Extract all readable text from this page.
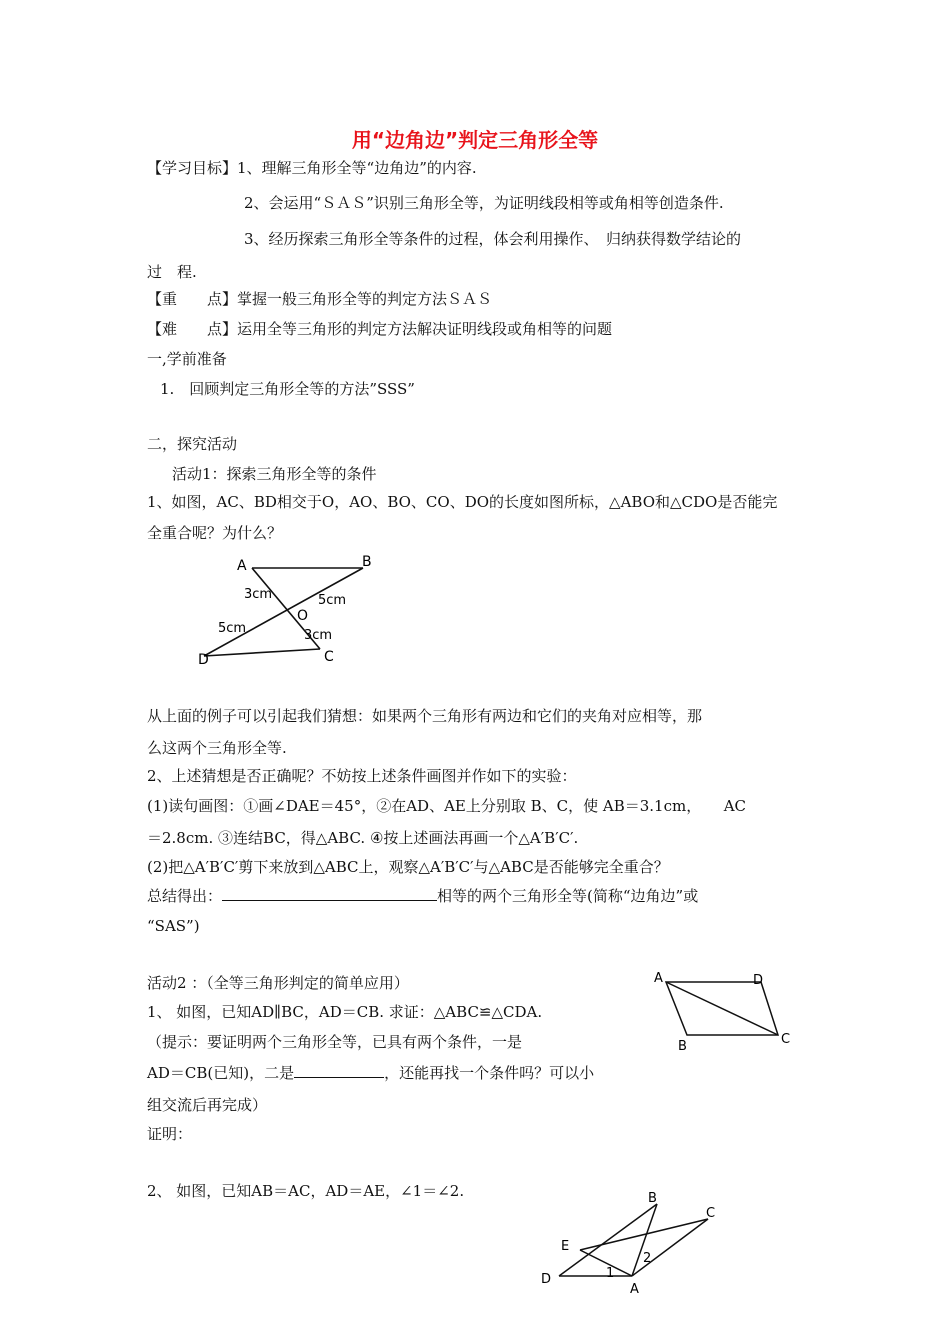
用“边角边”判定三角形全等
【学习目标】1、理解三角形全等“边角边”的内容.
2、会运用“ＳＡＳ”识别三角形全等，为证明线段相等或角相等创造条件.
3、经历探索三角形全等条件的过程，体会利用操作、　归纳获得数学结论的
过　程.
【重　　点】掌握一般三角形全等的判定方法ＳＡＳ
【难　　点】运用全等三角形的判定方法解决证明线段或角相等的问题
一,学前准备
1.　回顾判定三角形全等的方法”SSS”
二，探究活动
活动1：探索三角形全等的条件
1、如图，AC、BD相交于O，AO、BO、CO、DO的长度如图所标，△ABO和△CDO是否能完
全重合呢？为什么？
A	B
C
D
O
3cm	5cm
5cm	3cm
从上面的例子可以引起我们猜想：如果两个三角形有两边和它们的夹角对应相等，那
么这两个三角形全等.
2、上述猜想是否正确呢？不妨按上述条件画图并作如下的实验：
(1)读句画图：①画∠DAE＝45°，②在AD、AE上分别取 B、C，使 AB＝3.1cm，　　AC
＝2.8cm. ③连结BC，得△ABC. ④按上述画法再画一个△A′B′C′.
(2)把△A′B′C′剪下来放到△ABC上，观察△A′B′C′与△ABC是否能够完全重合？
总结得出：	相等的两个三角形全等(简称“边角边”或
“SAS”)
活动2 ：（全等三角形判定的简单应用）
1、 如图，已知AD∥BC，AD＝CB. 求证：△ABC≌△CDA.
（提示：要证明两个三角形全等，已具有两个条件，一是
AD＝CB(已知)，二是	，还能再找一个条件吗？可以小
组交流后再完成）
证明：
2、 如图，已知AB＝AC，AD＝AE，∠1＝∠2.
A	D
C
B
B
C
E
D
A
1
2
